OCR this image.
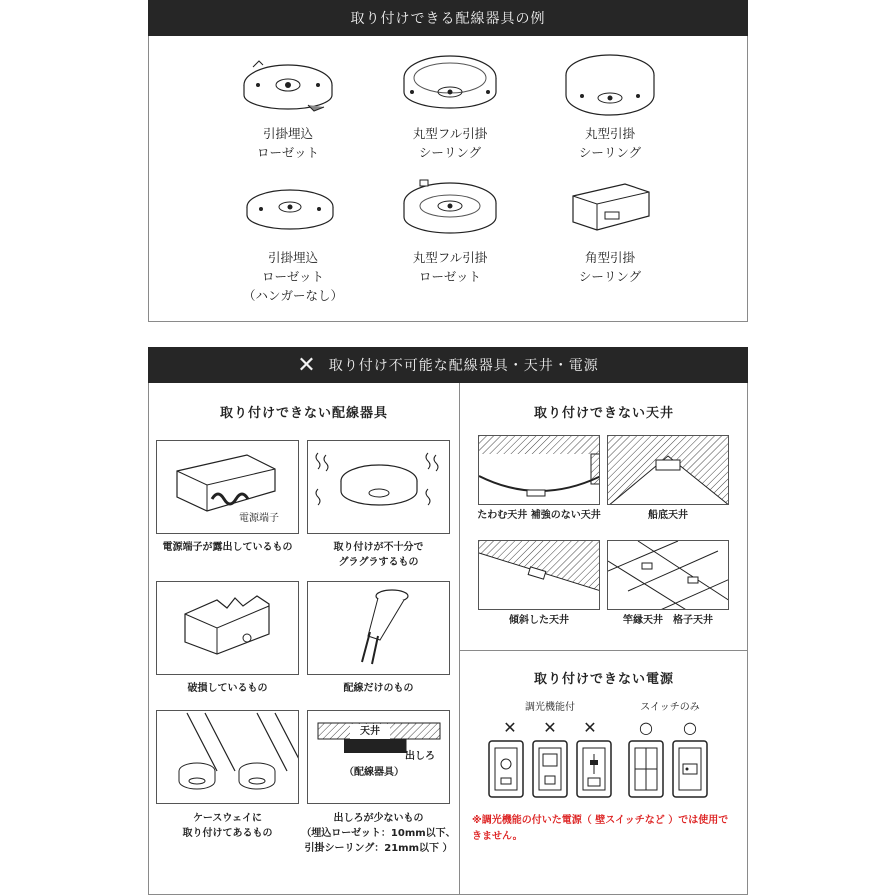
取り付けできる配線器具の例
引掛埋込
ローゼット
丸型フル引掛
シーリング
丸型引掛
シーリング
引掛埋込
ローゼット
（ハンガーなし）
丸型フル引掛
ローゼット
角型引掛
シーリング
✕ 取り付け不可能な配線器具・天井・電源
取り付けできない配線器具
電源端子
電源端子が露出しているもの	取り付けが不十分で
グラグラするもの
破損しているもの	配線だけのもの
ケースウェイに
取り付けてあるもの
天井
出しろ
（配線器具）
出しろが少ないもの
（埋込ローゼット：10mm以下、
引掛シーリング：21mm以下 ）
取り付けできない天井
たわむ天井 補強のない天井	船底天井
傾斜した天井	竿縁天井　格子天井
取り付けできない電源
調光機能付	スイッチのみ
✕ ✕ ✕	○ ○
※調光機能の付いた電源（ 壁スイッチなど ）では使用で
きません。
